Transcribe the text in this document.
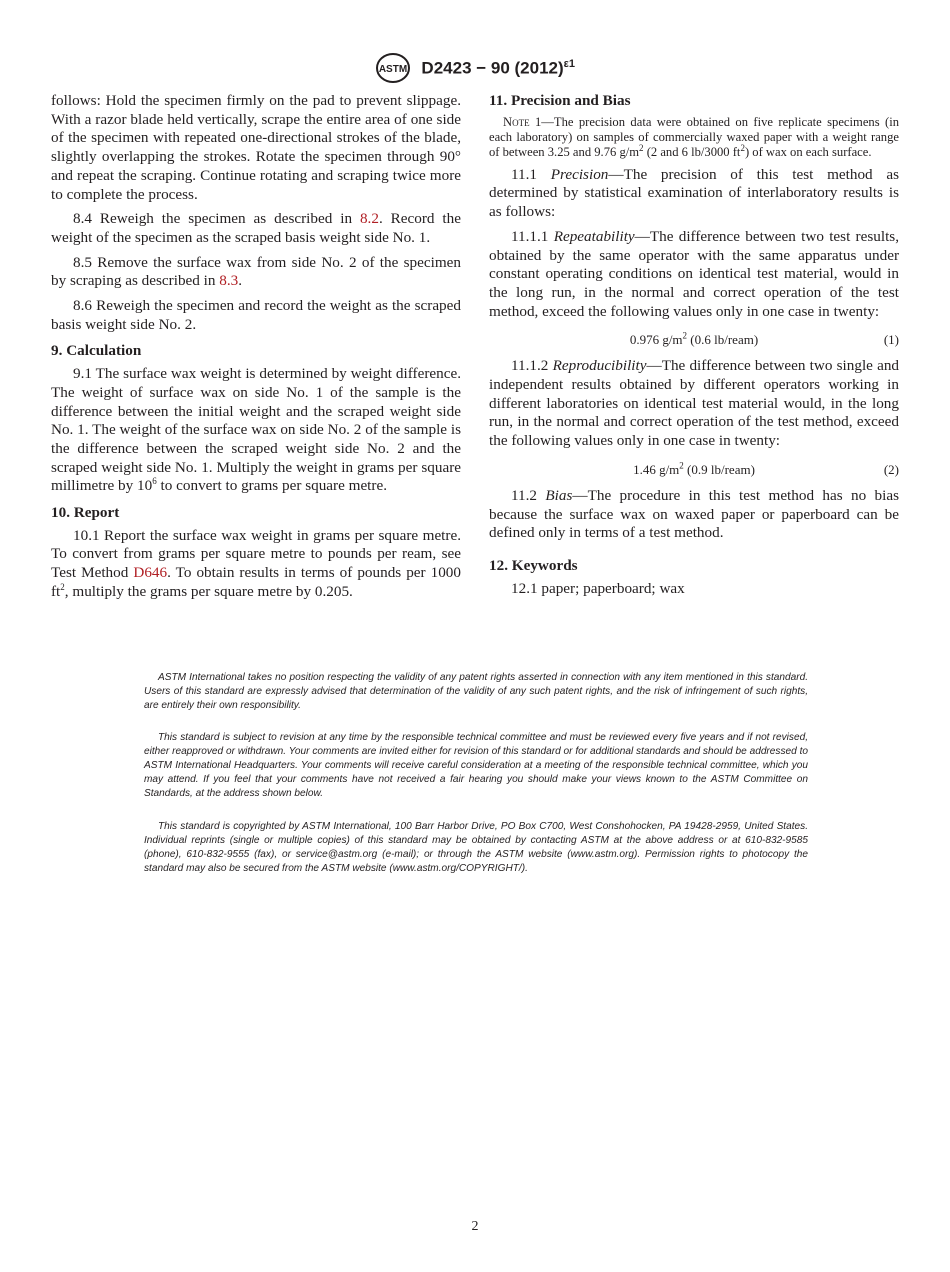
ASTM D2423 − 90 $(2012)^{\varepsilon 1}$

follows: Hold the specimen firmly on the pad to prevent slippage. With a razor blade held vertically, scrape the entire area of one side of the specimen with repeated one-directional strokes of the blade, slightly overlapping the strokes. Rotate the specimen through 90° and repeat the scraping. Continue rotating and scraping twice more to complete the process.

8.4 Reweigh the specimen as described in 8.2. Record the weight of the specimen as the scraped basis weight side No. 1.

8.5 Remove the surface wax from side No. 2 of the specimen by scraping as described in 8.3.

8.6 Reweigh the specimen and record the weight as the scraped basis weight side No. 2.

9. Calculation

9.1 The surface wax weight is determined by weight difference. The weight of surface wax on side No. 1 of the sample is the difference between the initial weight and the scraped weight side No. 1. The weight of the surface wax on side No. 2 of the sample is the difference between the scraped weight side No. 2 and the scraped weight side No. 1. Multiply the weight in grams per square millimetre by $10^6$ to convert to grams per square metre.

10. Report

10.1 Report the surface wax weight in grams per square metre. To convert from grams per square metre to pounds per ream, see Test Method D646. To obtain results in terms of pounds per 1000 $ft^2$, multiply the grams per square metre by 0.205.

11. Precision and Bias

Note 1—The precision data were obtained on five replicate specimens (in each laboratory) on samples of commercially waxed paper with a weight range of between 3.25 and 9.76 $g/m^2$ (2 and 6 lb/3000 $ft^2$) of wax on each surface.

11.1 Precision—The precision of this test method as determined by statistical examination of interlaboratory results is as follows:

11.1.1 Repeatability—The difference between two test results, obtained by the same operator with the same apparatus under constant operating conditions on identical test material, would in the long run, in the normal and correct operation of the test method, exceed the following values only in one case in twenty:

0.976 $g/m^2$ (0.6 lb/ream)	(1)

11.1.2 Reproducibility—The difference between two single and independent results obtained by different operators working in different laboratories on identical test material would, in the long run, in the normal and correct operation of the test method, exceed the following values only in one case in twenty:

1.46 $g/m^2$ (0.9 lb/ream)	(2)

11.2 Bias—The procedure in this test method has no bias because the surface wax on waxed paper or paperboard can be defined only in terms of a test method.

12. Keywords

12.1 paper; paperboard; wax

ASTM International takes no position respecting the validity of any patent rights asserted in connection with any item mentioned in this standard. Users of this standard are expressly advised that determination of the validity of any such patent rights, and the risk of infringement of such rights, are entirely their own responsibility.

This standard is subject to revision at any time by the responsible technical committee and must be reviewed every five years and if not revised, either reapproved or withdrawn. Your comments are invited either for revision of this standard or for additional standards and should be addressed to ASTM International Headquarters. Your comments will receive careful consideration at a meeting of the responsible technical committee, which you may attend. If you feel that your comments have not received a fair hearing you should make your views known to the ASTM Committee on Standards, at the address shown below.

This standard is copyrighted by ASTM International, 100 Barr Harbor Drive, PO Box C700, West Conshohocken, PA 19428-2959, United States. Individual reprints (single or multiple copies) of this standard may be obtained by contacting ASTM at the above address or at 610-832-9585 (phone), 610-832-9555 (fax), or service@astm.org (e-mail); or through the ASTM website (www.astm.org). Permission rights to photocopy the standard may also be secured from the ASTM website (www.astm.org/COPYRIGHT/).

2
